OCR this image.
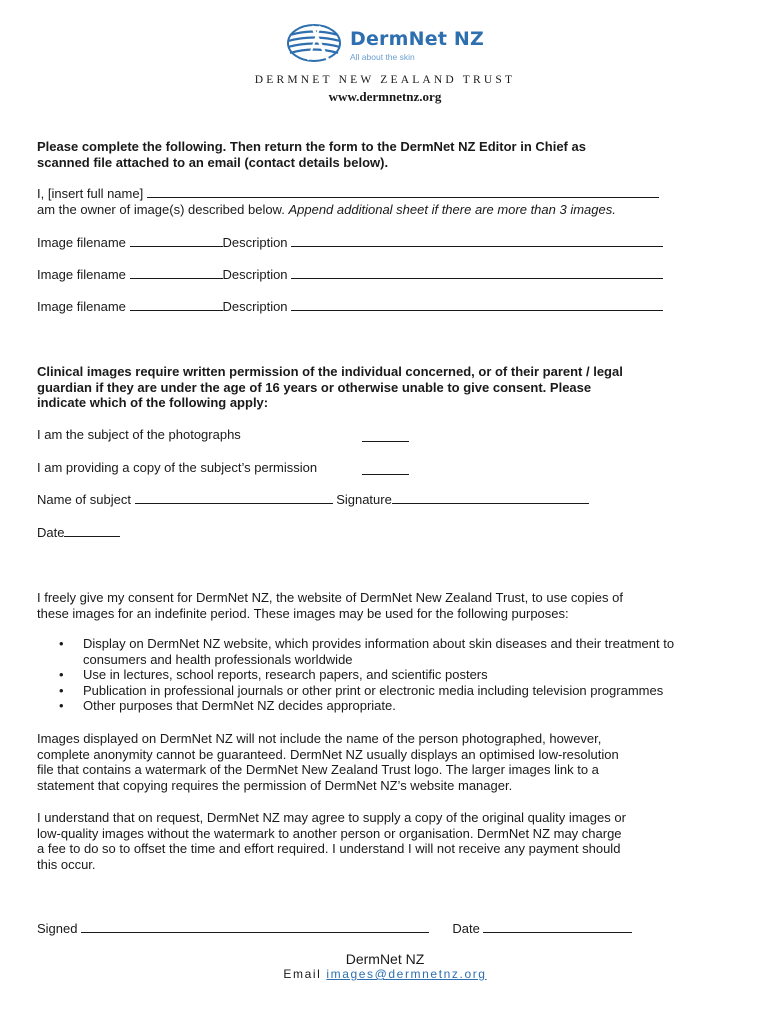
DermNet NZ
All about the skin
DERMNET NEW ZEALAND TRUST
www.dermnetnz.org
Please complete the following. Then return the form to the DermNet NZ Editor in Chief as
scanned file attached to an email (contact details below).
I, [insert full name]
am the owner of image(s) described below. Append additional sheet if there are more than 3 images.
Image filename	Description
Image filename	Description
Image filename	Description
Clinical images require written permission of the individual concerned, or of their parent / legal
guardian if they are under the age of 16 years or otherwise unable to give consent. Please
indicate which of the following apply:
I am the subject of the photographs
I am providing a copy of the subject’s permission
Name of subject	Signature
Date
I freely give my consent for DermNet NZ, the website of DermNet New Zealand Trust, to use copies of
these images for an indefinite period. These images may be used for the following purposes:
• Display on DermNet NZ website, which provides information about skin diseases and their treatment to
consumers and health professionals worldwide
• Use in lectures, school reports, research papers, and scientific posters
• Publication in professional journals or other print or electronic media including television programmes
• Other purposes that DermNet NZ decides appropriate.
Images displayed on DermNet NZ will not include the name of the person photographed, however,
complete anonymity cannot be guaranteed. DermNet NZ usually displays an optimised low-resolution
file that contains a watermark of the DermNet New Zealand Trust logo. The larger images link to a
statement that copying requires the permission of DermNet NZ’s website manager.
I understand that on request, DermNet NZ may agree to supply a copy of the original quality images or
low-quality images without the watermark to another person or organisation. DermNet NZ may charge
a fee to do so to offset the time and effort required. I understand I will not receive any payment should
this occur.
Signed	Date
DermNet NZ
Email images@dermnetnz.org
